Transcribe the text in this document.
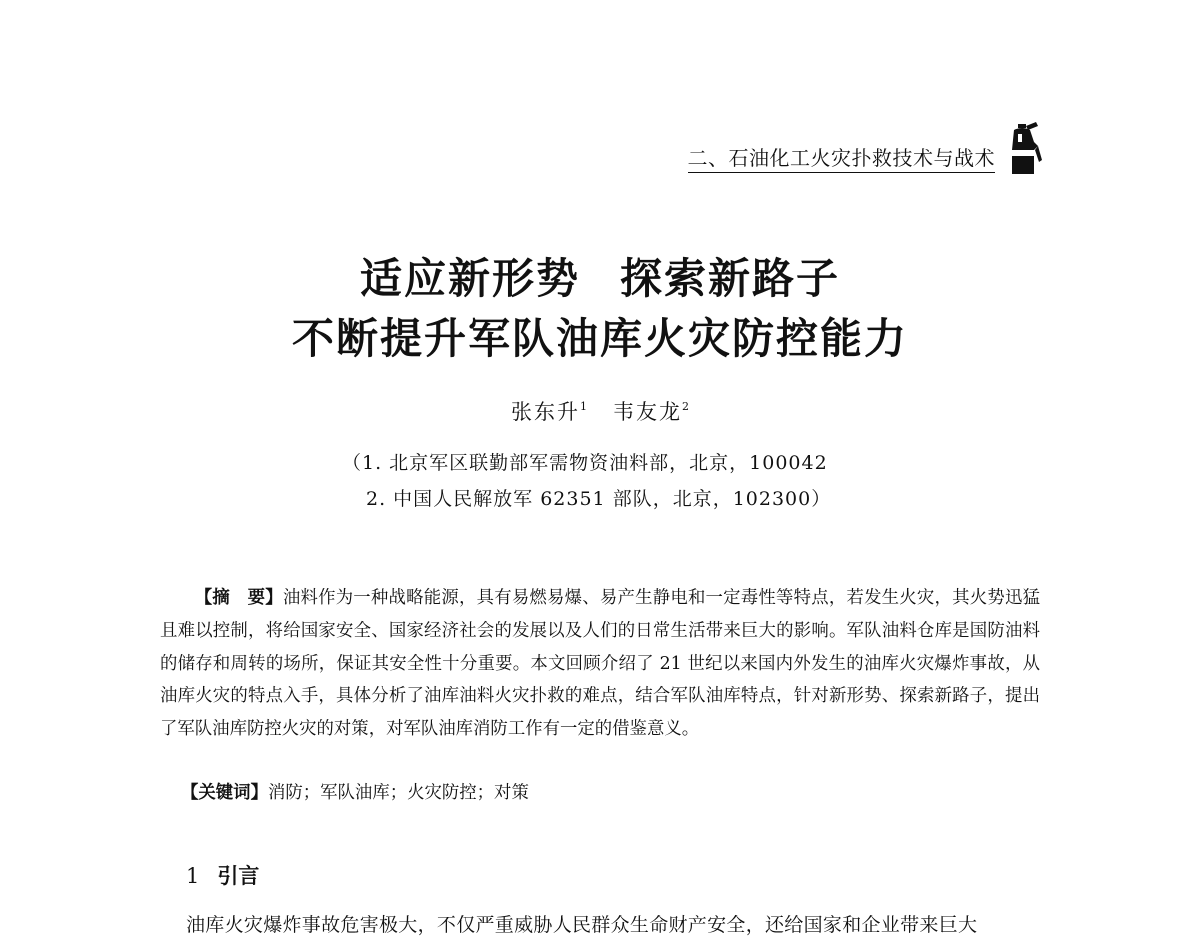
二、石油化工火灾扑救技术与战术
适应新形势 探索新路子
不断提升军队油库火灾防控能力
张东升$^1$ 韦友龙$^2$
（1. 北京军区联勤部军需物资油料部，北京，100042
2. 中国人民解放军 62351 部队，北京，102300）

【摘　要】油料作为一种战略能源，具有易燃易爆、易产生静电和一定毒性等特点，若发生火灾，其火势迅猛且难以控制，将给国家安全、国家经济社会的发展以及人们的日常生活带来巨大的影响。军队油料仓库是国防油料的储存和周转的场所，保证其安全性十分重要。本文回顾介绍了 21 世纪以来国内外发生的油库火灾爆炸事故，从油库火灾的特点入手，具体分析了油库油料火灾扑救的难点，结合军队油库特点，针对新形势、探索新路子，提出了军队油库防控火灾的对策，对军队油库消防工作有一定的借鉴意义。

【关键词】消防；军队油库；火灾防控；对策

1 引言

油库火灾爆炸事故危害极大，不仅严重威胁人民群众生命财产安全，还给国家和企业带来巨大
